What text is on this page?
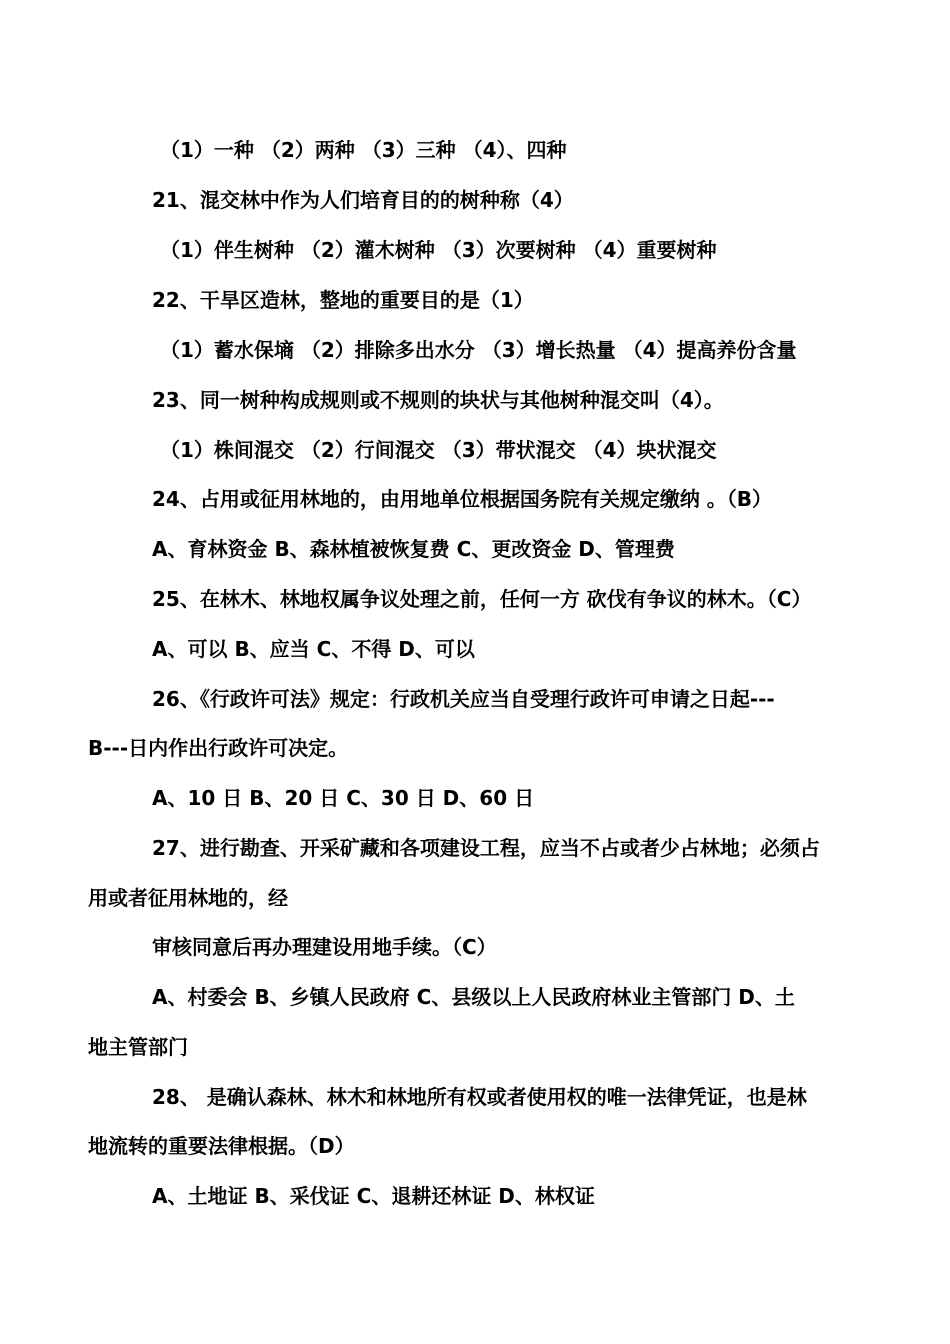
（1）一种 （2）两种 （3）三种 （4）、四种
21、混交林中作为人们培育目的的树种称（4）
（1）伴生树种 （2）灌木树种 （3）次要树种 （4）重要树种
22、干旱区造林，整地的重要目的是（1）
（1）蓄水保墒 （2）排除多出水分 （3）增长热量 （4）提高养份含量
23、同一树种构成规则或不规则的块状与其他树种混交叫（4）。
（1）株间混交 （2）行间混交 （3）带状混交 （4）块状混交
24、占用或征用林地的，由用地单位根据国务院有关规定缴纳 。（B）
A、育林资金 B、森林植被恢复费 C、更改资金 D、管理费
25、在林木、林地权属争议处理之前，任何一方 砍伐有争议的林木。（C）
A、可以 B、应当 C、不得 D、可以
26、《行政许可法》规定：行政机关应当自受理行政许可申请之日起---
B---日内作出行政许可决定。
A、10 日 B、20 日 C、30 日 D、60 日
27、进行勘查、开采矿藏和各项建设工程，应当不占或者少占林地；必须占
用或者征用林地的，经
审核同意后再办理建设用地手续。（C）
A、村委会 B、乡镇人民政府 C、县级以上人民政府林业主管部门 D、土
地主管部门
28、 是确认森林、林木和林地所有权或者使用权的唯一法律凭证，也是林
地流转的重要法律根据。（D）
A、土地证 B、采伐证 C、退耕还林证 D、林权证
